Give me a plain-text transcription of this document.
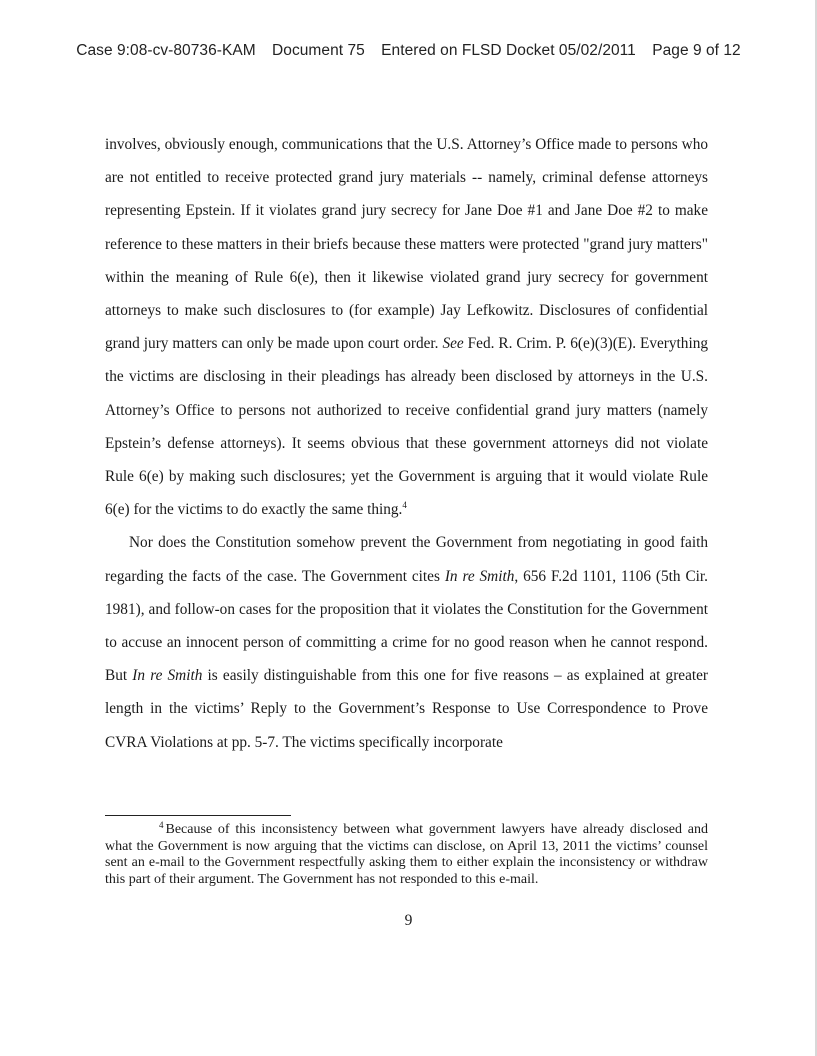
Case 9:08-cv-80736-KAM Document 75 Entered on FLSD Docket 05/02/2011 Page 9 of 12

involves, obviously enough, communications that the U.S. Attorney’s Office made to persons who are not entitled to receive protected grand jury materials -- namely, criminal defense attorneys representing Epstein. If it violates grand jury secrecy for Jane Doe #1 and Jane Doe #2 to make reference to these matters in their briefs because these matters were protected "grand jury matters" within the meaning of Rule 6(e), then it likewise violated grand jury secrecy for government attorneys to make such disclosures to (for example) Jay Lefkowitz. Disclosures of confidential grand jury matters can only be made upon court order. See Fed. R. Crim. P. 6(e)(3)(E). Everything the victims are disclosing in their pleadings has already been disclosed by attorneys in the U.S. Attorney’s Office to persons not authorized to receive confidential grand jury matters (namely Epstein’s defense attorneys). It seems obvious that these government attorneys did not violate Rule 6(e) by making such disclosures; yet the Government is arguing that it would violate Rule 6(e) for the victims to do exactly the same thing.$^4$

Nor does the Constitution somehow prevent the Government from negotiating in good faith regarding the facts of the case. The Government cites In re Smith, 656 F.2d 1101, 1106 (5th Cir. 1981), and follow-on cases for the proposition that it violates the Constitution for the Government to accuse an innocent person of committing a crime for no good reason when he cannot respond. But In re Smith is easily distinguishable from this one for five reasons – as explained at greater length in the victims’ Reply to the Government’s Response to Use Correspondence to Prove CVRA Violations at pp. 5-7. The victims specifically incorporate

$^4$ Because of this inconsistency between what government lawyers have already disclosed and what the Government is now arguing that the victims can disclose, on April 13, 2011 the victims’ counsel sent an e-mail to the Government respectfully asking them to either explain the inconsistency or withdraw this part of their argument. The Government has not responded to this e-mail.

9
